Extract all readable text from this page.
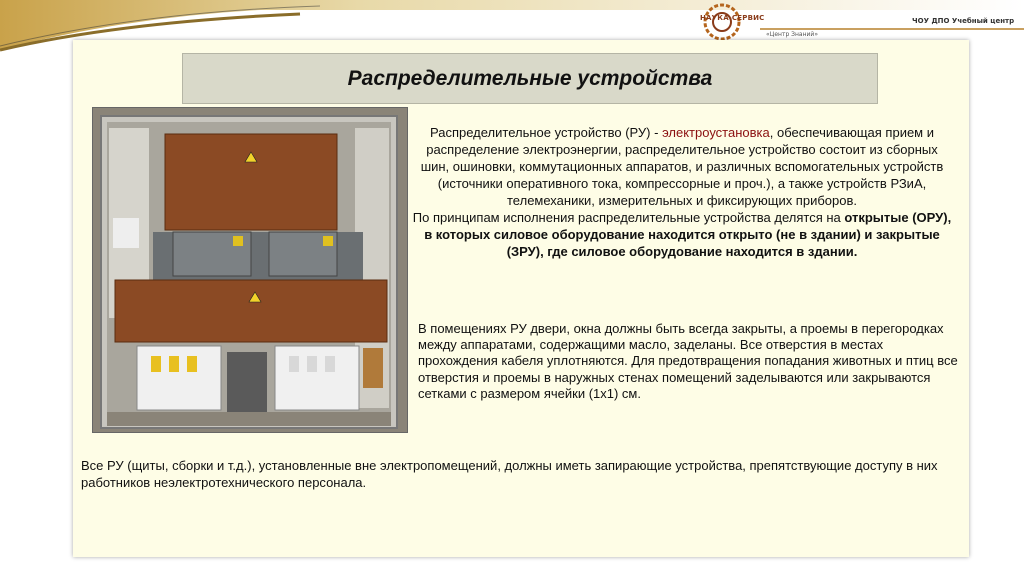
НАУКА-СЕРВИС
«Центр Знаний»
ЧОУ ДПО Учебный центр
Распределительные устройства
Распределительное устройство (РУ) - электроустановка, обеспечивающая прием и распределение электроэнергии, распределительное устройство состоит из сборных шин, ошиновки, коммутационных аппаратов, и различных вспомогательных устройств (источники оперативного тока, компрессорные и проч.), а также устройств РЗиА, телемеханики, измерительных и фиксирующих приборов.
По принципам исполнения распределительные устройства делятся на открытые (ОРУ), в которых силовое оборудование находится открыто (не в здании) и закрытые (ЗРУ), где силовое оборудование находится в здании.
В помещениях РУ двери, окна должны быть всегда закрыты, а проемы в перегородках между аппаратами, содержащими масло, заделаны. Все отверстия в местах прохождения кабеля уплотняются. Для предотвращения попадания животных и птиц все отверстия и проемы в наружных стенах помещений заделываются или закрываются сетками с размером ячейки (1х1) см.
Все РУ (щиты, сборки и т.д.), установленные вне электропомещений, должны иметь запирающие устройства, препятствующие доступу в них работников неэлектротехнического персонала.
